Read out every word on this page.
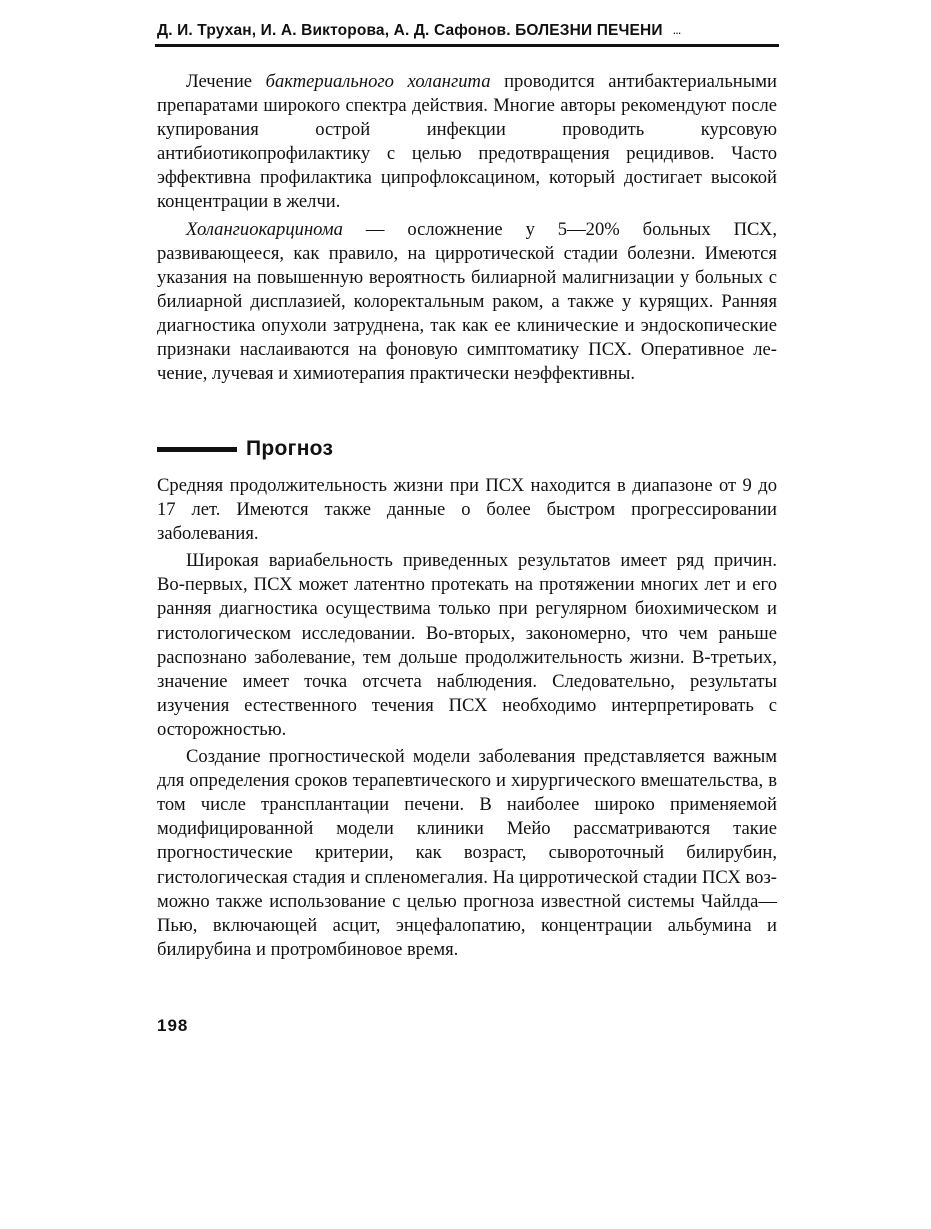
Д. И. Трухан, И. А. Викторова, А. Д. Сафонов. БОЛЕЗНИ ПЕЧЕНИ ...

Лечение бактериального холангита проводится антибактериальными препаратами широкого спектра действия. Многие авторы рекомендуют после купирования острой инфекции проводить курсовую антибиотикопрофилактику с целью предотвращения рецидивов. Часто эффективна профилактика ципрофлоксацином, который достигает высокой концентрации в желчи.

Холангиокарцинома — осложнение у 5—20% больных ПСХ, развивающееся, как правило, на цирротической стадии болезни. Имеются указания на повышенную вероятность билиарной малигнизации у больных с билиарной дисплазией, колоректальным раком, а также у курящих. Ранняя диагностика опухоли затруднена, так как ее клинические и эндоскопические признаки наслаиваются на фоновую симптоматику ПСХ. Оперативное лечение, лучевая и химиотерапия практически неэффективны.

Прогноз

Средняя продолжительность жизни при ПСХ находится в диапазоне от 9 до 17 лет. Имеются также данные о более быстром прогрессировании заболевания.

Широкая вариабельность приведенных результатов имеет ряд причин. Во-первых, ПСХ может латентно протекать на протяжении многих лет и его ранняя диагностика осуществима только при регулярном биохимическом и гистологическом исследовании. Во-вторых, закономерно, что чем раньше распознано заболевание, тем дольше продолжительность жизни. В-третьих, значение имеет точка отсчета наблюдения. Следовательно, результаты изучения естественного течения ПСХ необходимо интерпретировать с осторожностью.

Создание прогностической модели заболевания представляется важным для определения сроков терапевтического и хирургического вмешательства, в том числе трансплантации печени. В наиболее широко применяемой модифицированной модели клиники Мейо рассматриваются такие прогностические критерии, как возраст, сывороточный билирубин, гистологическая стадия и спленомегалия. На цирротической стадии ПСХ возможно также использование с целью прогноза известной системы Чайлда—Пью, включающей асцит, энцефалопатию, концентрации альбумина и билирубина и протромбиновое время.

198
